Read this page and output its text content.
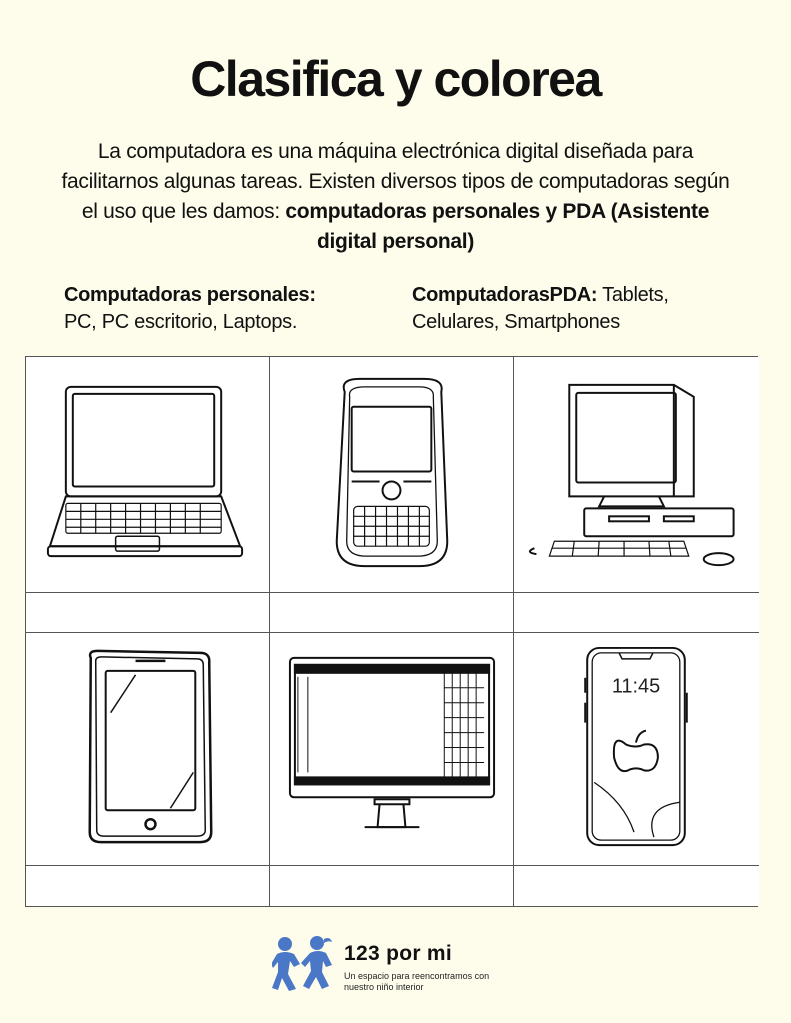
Clasifica y colorea
La computadora es una máquina electrónica digital diseñada para facilitarnos algunas tareas. Existen diversos tipos de computadoras según el uso que les damos: computadoras personales y PDA (Asistente digital personal)
Computadoras personales:
PC, PC escritorio, Laptops.
ComputadorasPDA: Tablets, Celulares, Smartphones
11:45
123 por mi
Un espacio para reencontramos con nuestro niño interior
